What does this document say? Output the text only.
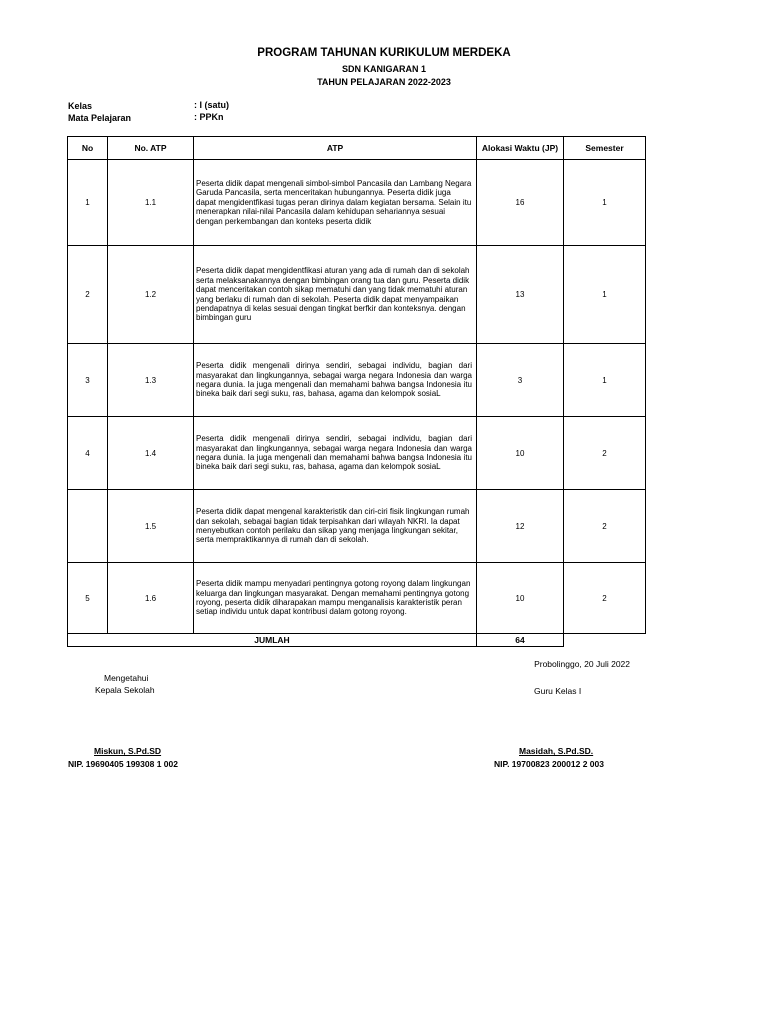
PROGRAM TAHUNAN KURIKULUM MERDEKA
SDN KANIGARAN 1
TAHUN PELAJARAN 2022-2023
Kelas	: I (satu)
Mata Pelajaran	: PPKn
No	No. ATP	ATP	Alokasi Waktu (JP)	Semester
1	1.1	Peserta didik dapat mengenali simbol-simbol Pancasila dan Lambang Negara Garuda Pancasila, serta menceritakan hubungannya. Peserta didik juga dapat mengidentfikasi tugas peran dirinya dalam kegiatan bersama. Selain itu menerapkan nilai-nilai Pancasila dalam kehidupan sehariannya sesuai dengan perkembangan dan konteks peserta didik	16	1
2	1.2	Peserta didik dapat mengidentfikasi aturan yang ada di rumah dan di sekolah serta melaksanakannya dengan bimbingan orang tua dan guru. Peserta didik dapat menceritakan contoh sikap mematuhi dan yang tidak mematuhi aturan yang berlaku di rumah dan di sekolah. Peserta didik dapat menyampaikan pendapatnya di kelas sesuai dengan tingkat berfkir dan konteksnya. dengan bimbingan guru	13	1
3	1.3	Peserta didik mengenali dirinya sendiri, sebagai individu, bagian dari masyarakat dan lingkungannya, sebagai warga negara Indonesia dan warga negara dunia. Ia juga mengenali dan memahami bahwa bangsa Indonesia itu bineka baik dari segi suku, ras, bahasa, agama dan kelompok sosiaL	3	1
4	1.4	Peserta didik mengenali dirinya sendiri, sebagai individu, bagian dari masyarakat dan lingkungannya, sebagai warga negara Indonesia dan warga negara dunia. Ia juga mengenali dan memahami bahwa bangsa Indonesia itu bineka baik dari segi suku, ras, bahasa, agama dan kelompok sosiaL	10	2
	1.5	Peserta didik dapat mengenal karakteristik dan ciri-ciri fisik lingkungan rumah dan sekolah, sebagai bagian tidak terpisahkan dari wilayah NKRI. Ia dapat menyebutkan contoh perilaku dan sikap yang menjaga lingkungan sekitar, serta mempraktikannya di rumah dan di sekolah.	12	2
5	1.6	Peserta didik mampu menyadari pentingnya gotong royong dalam lingkungan keluarga dan lingkungan masyarakat. Dengan memahami pentingnya gotong royong, peserta didik diharapakan mampu menganalisis karakteristik peran setiap individu untuk dapat kontribusi dalam gotong royong.	10	2
JUMLAH			64	
Probolinggo, 20 Juli 2022
Mengetahui
Kepala Sekolah	Guru Kelas I
Miskun, S.Pd.SD
NIP. 19690405 199308 1 002
Masidah, S.Pd.SD.
NIP. 19700823 200012 2 003
